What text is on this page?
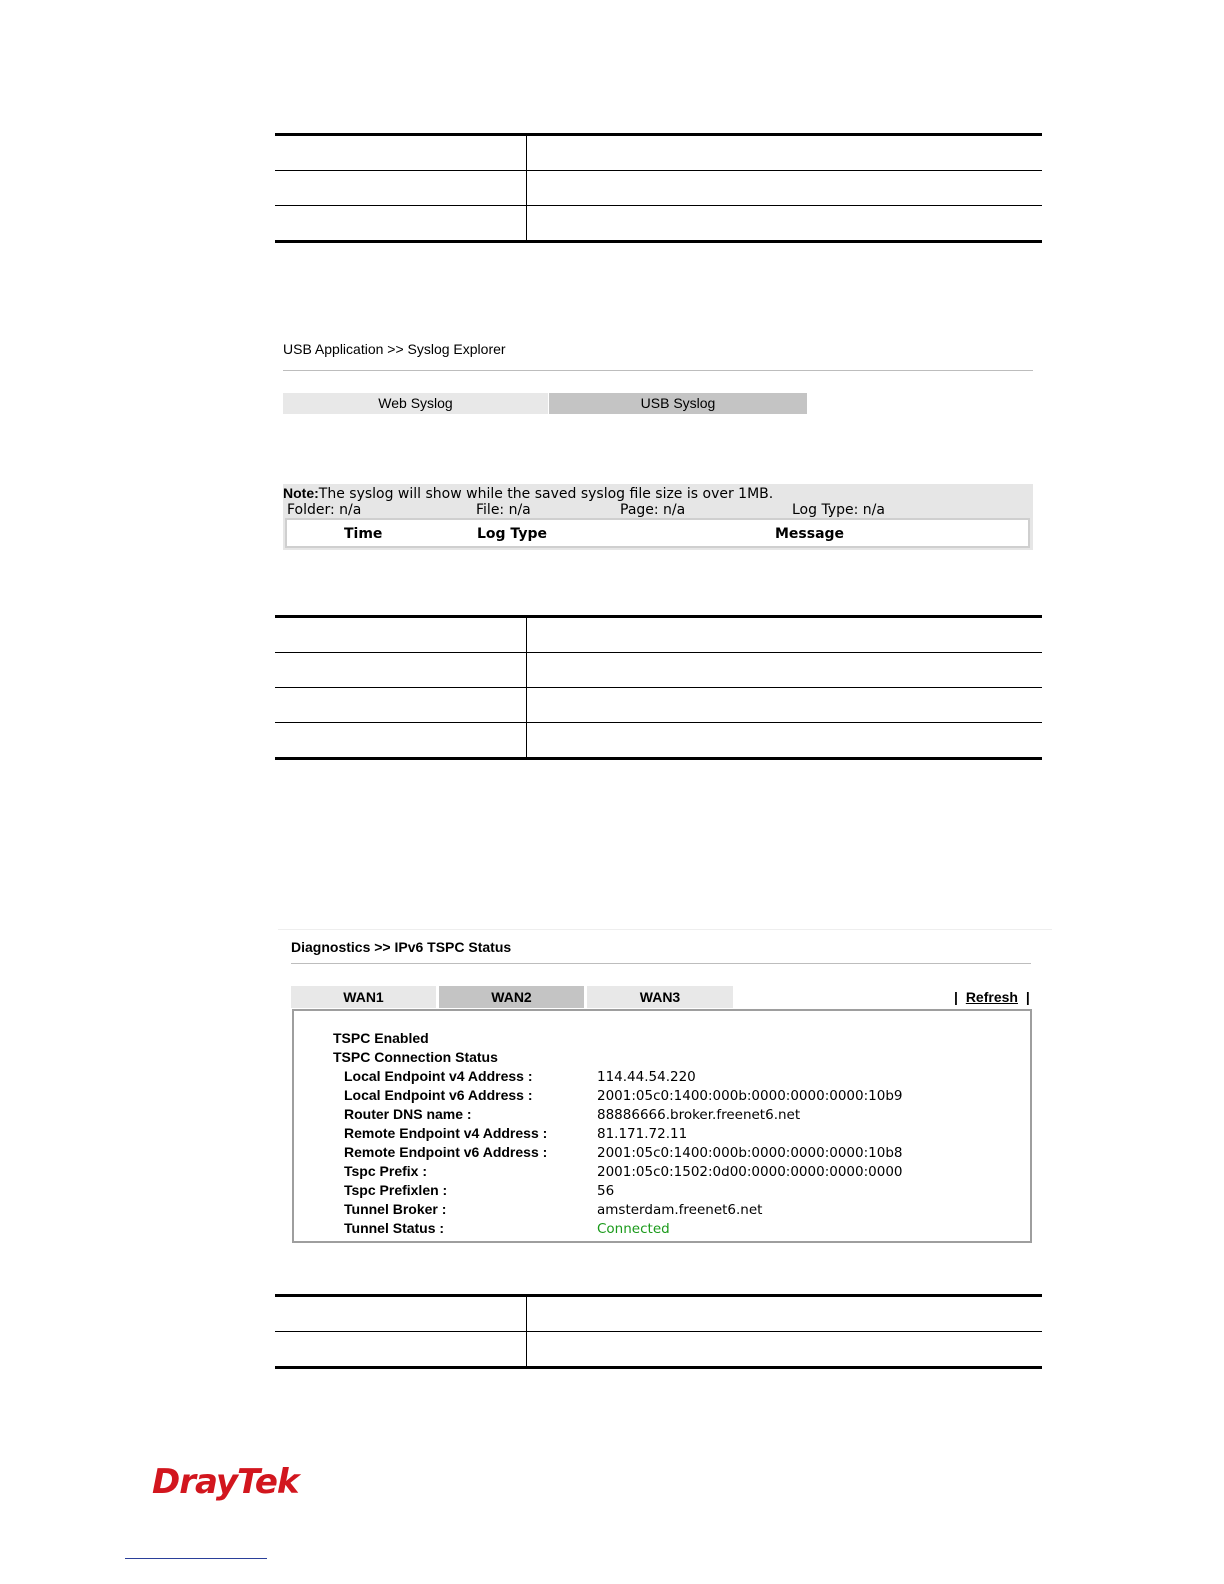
USB Application >> Syslog Explorer
Web Syslog	USB Syslog
Note:The syslog will show while the saved syslog file size is over 1MB.
Folder: n/a	File: n/a	Page: n/a	Log Type: n/a
Time	Log Type	Message

Diagnostics >> IPv6 TSPC Status
WAN1	WAN2	WAN3	| Refresh |
TSPC Enabled
TSPC Connection Status
Local Endpoint v4 Address :	114.44.54.220
Local Endpoint v6 Address :	2001:05c0:1400:000b:0000:0000:0000:10b9
Router DNS name :	88886666.broker.freenet6.net
Remote Endpoint v4 Address :	81.171.72.11
Remote Endpoint v6 Address :	2001:05c0:1400:000b:0000:0000:0000:10b8
Tspc Prefix :	2001:05c0:1502:0d00:0000:0000:0000:0000
Tspc Prefixlen :	56
Tunnel Broker :	amsterdam.freenet6.net
Tunnel Status :	Connected

DrayTek
